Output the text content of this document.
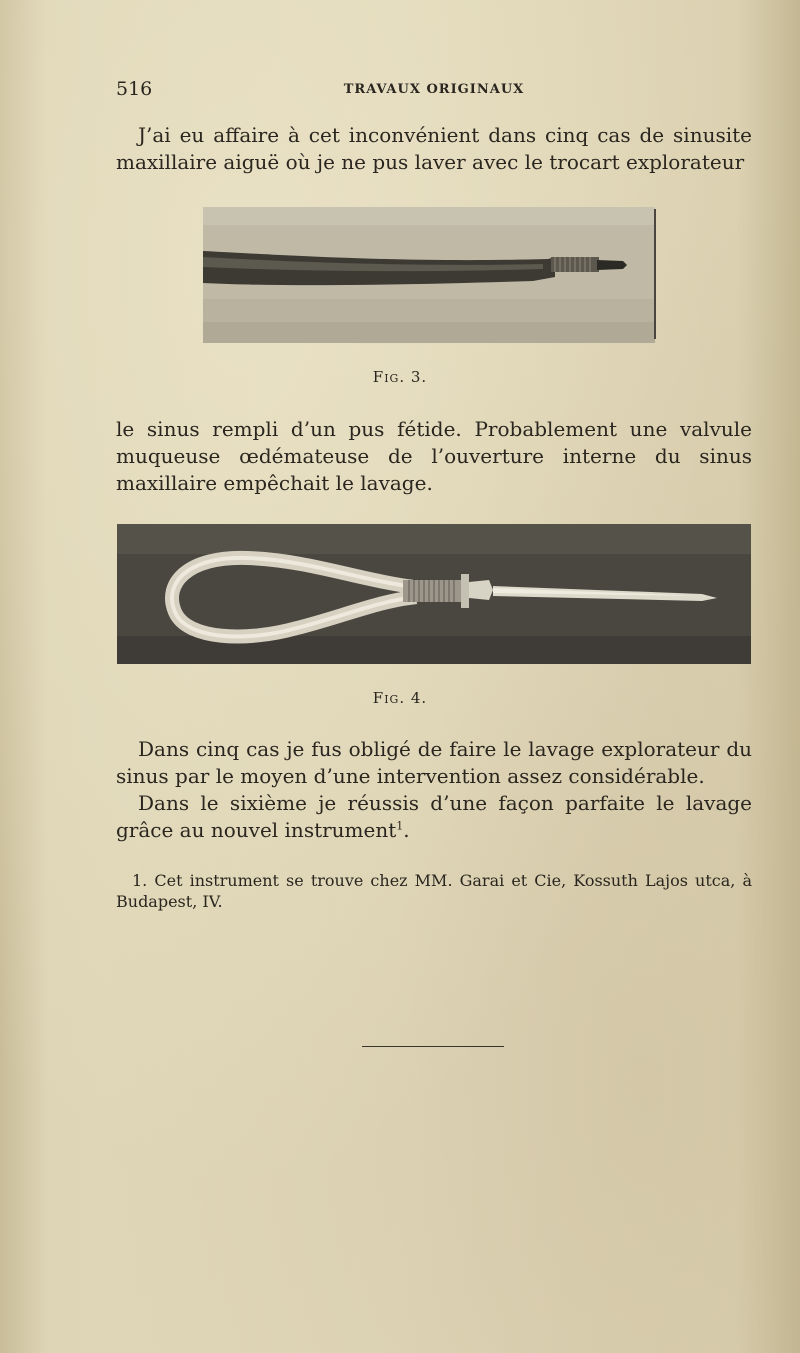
516	TRAVAUX ORIGINAUX

J’ai eu affaire à cet inconvénient dans cinq cas de sinusite maxillaire aiguë où je ne pus laver avec le trocart explorateur

Fig. 3.

le sinus rempli d’un pus fétide. Probablement une valvule muqueuse œdémateuse de l’ouverture interne du sinus maxillaire empêchait le lavage.

Fig. 4.

Dans cinq cas je fus obligé de faire le lavage explorateur du sinus par le moyen d’une intervention assez considérable.

Dans le sixième je réussis d’une façon parfaite le lavage grâce au nouvel instrument$^1$.

1. Cet instrument se trouve chez MM. Garai et Cie, Kossuth Lajos utca, à Budapest, IV.
